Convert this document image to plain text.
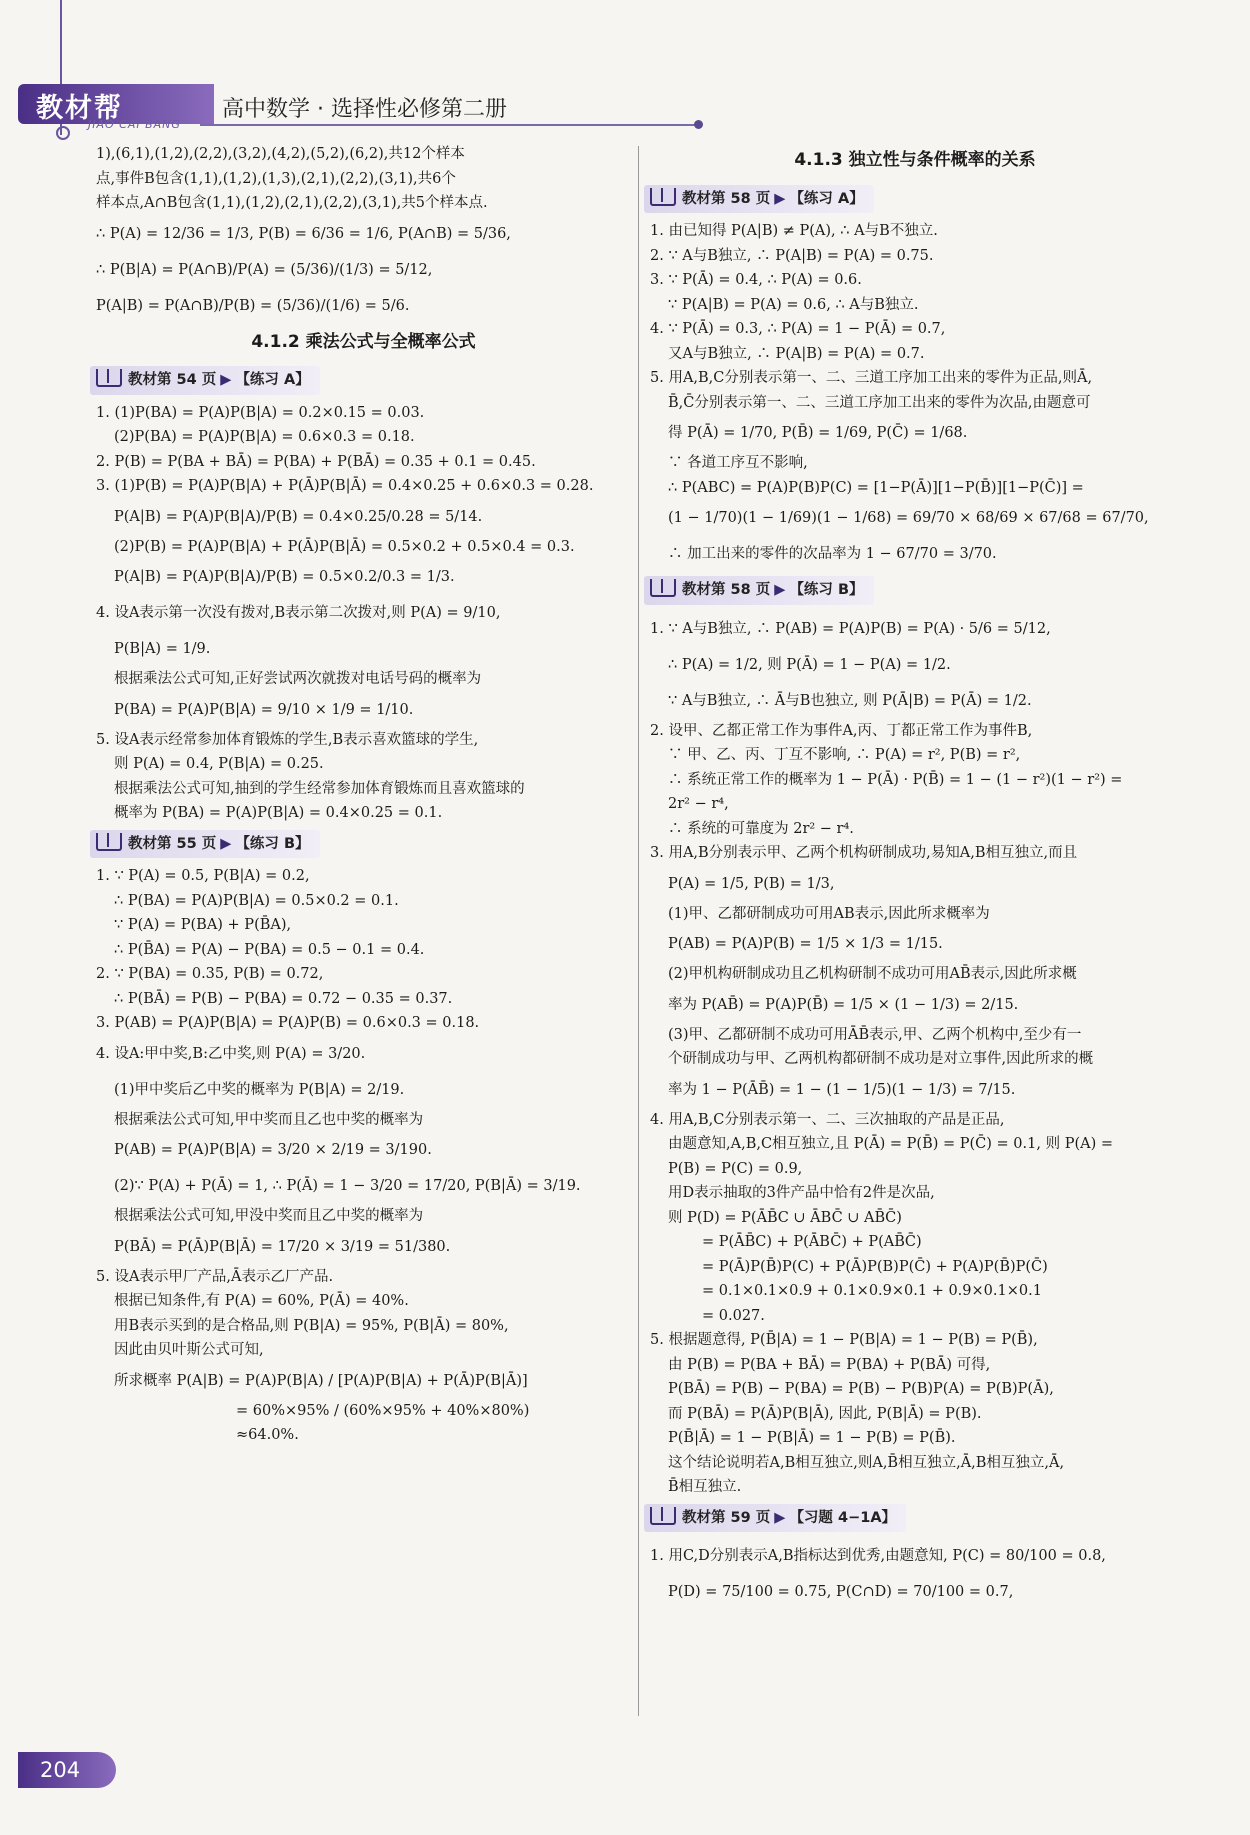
教材帮
JIAO CAI BANG
高中数学 · 选择性必修第二册

1),(6,1),(1,2),(2,2),(3,2),(4,2),(5,2),(6,2),共12个样本

点,事件B包含(1,1),(1,2),(1,3),(2,1),(2,2),(3,1),共6个

样本点,A∩B包含(1,1),(1,2),(2,1),(2,2),(3,1),共5个样本点.

∴ P(A) = 12/36 = 1/3, P(B) = 6/36 = 1/6, P(A∩B) = 5/36,

∴ P(B|A) = P(A∩B)/P(A) = (5/36)/(1/3) = 5/12,

P(A|B) = P(A∩B)/P(B) = (5/36)/(1/6) = 5/6.

4.1.2 乘法公式与全概率公式
教材第 54 页 ▶ 【练习 A】

1. (1)P(BA) = P(A)P(B|A) = 0.2×0.15 = 0.03.

(2)P(BA) = P(A)P(B|A) = 0.6×0.3 = 0.18.

2. P(B) = P(BA + BĀ) = P(BA) + P(BĀ) = 0.35 + 0.1 = 0.45.

3. (1)P(B) = P(A)P(B|A) + P(Ā)P(B|Ā) = 0.4×0.25 + 0.6×0.3 = 0.28.

P(A|B) = P(A)P(B|A)/P(B) = 0.4×0.25/0.28 = 5/14.

(2)P(B) = P(A)P(B|A) + P(Ā)P(B|Ā) = 0.5×0.2 + 0.5×0.4 = 0.3.

P(A|B) = P(A)P(B|A)/P(B) = 0.5×0.2/0.3 = 1/3.

4. 设A表示第一次没有拨对,B表示第二次拨对,则 P(A) = 9/10,

P(B|A) = 1/9.

根据乘法公式可知,正好尝试两次就拨对电话号码的概率为

P(BA) = P(A)P(B|A) = 9/10 × 1/9 = 1/10.

5. 设A表示经常参加体育锻炼的学生,B表示喜欢篮球的学生,

则 P(A) = 0.4, P(B|A) = 0.25.

根据乘法公式可知,抽到的学生经常参加体育锻炼而且喜欢篮球的

概率为 P(BA) = P(A)P(B|A) = 0.4×0.25 = 0.1.

教材第 55 页 ▶ 【练习 B】

1. ∵ P(A) = 0.5, P(B|A) = 0.2,

∴ P(BA) = P(A)P(B|A) = 0.5×0.2 = 0.1.

∵ P(A) = P(BA) + P(B̄A),

∴ P(B̄A) = P(A) − P(BA) = 0.5 − 0.1 = 0.4.

2. ∵ P(BA) = 0.35, P(B) = 0.72,

∴ P(BĀ) = P(B) − P(BA) = 0.72 − 0.35 = 0.37.

3. P(AB) = P(A)P(B|A) = P(A)P(B) = 0.6×0.3 = 0.18.

4. 设A:甲中奖,B:乙中奖,则 P(A) = 3/20.

(1)甲中奖后乙中奖的概率为 P(B|A) = 2/19.

根据乘法公式可知,甲中奖而且乙也中奖的概率为

P(AB) = P(A)P(B|A) = 3/20 × 2/19 = 3/190.

(2)∵ P(A) + P(Ā) = 1, ∴ P(Ā) = 1 − 3/20 = 17/20, P(B|Ā) = 3/19.

根据乘法公式可知,甲没中奖而且乙中奖的概率为

P(BĀ) = P(Ā)P(B|Ā) = 17/20 × 3/19 = 51/380.

5. 设A表示甲厂产品,Ā表示乙厂产品.

根据已知条件,有 P(A) = 60%, P(Ā) = 40%.

用B表示买到的是合格品,则 P(B|A) = 95%, P(B|Ā) = 80%,

因此由贝叶斯公式可知,

所求概率 P(A|B) = P(A)P(B|A) / [P(A)P(B|A) + P(Ā)P(B|Ā)]

= 60%×95% / (60%×95% + 40%×80%)

≈64.0%.

4.1.3 独立性与条件概率的关系
教材第 58 页 ▶ 【练习 A】

1. 由已知得 P(A|B) ≠ P(A), ∴ A与B不独立.

2. ∵ A与B独立, ∴ P(A|B) = P(A) = 0.75.

3. ∵ P(Ā) = 0.4, ∴ P(A) = 0.6.

∵ P(A|B) = P(A) = 0.6, ∴ A与B独立.

4. ∵ P(Ā) = 0.3, ∴ P(A) = 1 − P(Ā) = 0.7,

又A与B独立, ∴ P(A|B) = P(A) = 0.7.

5. 用A,B,C分别表示第一、二、三道工序加工出来的零件为正品,则Ā,

B̄,C̄分别表示第一、二、三道工序加工出来的零件为次品,由题意可

得 P(Ā) = 1/70, P(B̄) = 1/69, P(C̄) = 1/68.

∵ 各道工序互不影响,

∴ P(ABC) = P(A)P(B)P(C) = [1−P(Ā)][1−P(B̄)][1−P(C̄)] =

(1 − 1/70)(1 − 1/69)(1 − 1/68) = 69/70 × 68/69 × 67/68 = 67/70,

∴ 加工出来的零件的次品率为 1 − 67/70 = 3/70.

教材第 58 页 ▶ 【练习 B】

1. ∵ A与B独立, ∴ P(AB) = P(A)P(B) = P(A) · 5/6 = 5/12,

∴ P(A) = 1/2, 则 P(Ā) = 1 − P(A) = 1/2.

∵ A与B独立, ∴ Ā与B也独立, 则 P(Ā|B) = P(Ā) = 1/2.

2. 设甲、乙都正常工作为事件A,丙、丁都正常工作为事件B,

∵ 甲、乙、丙、丁互不影响, ∴ P(A) = r², P(B) = r²,

∴ 系统正常工作的概率为 1 − P(Ā) · P(B̄) = 1 − (1 − r²)(1 − r²) =

2r² − r⁴,

∴ 系统的可靠度为 2r² − r⁴.

3. 用A,B分别表示甲、乙两个机构研制成功,易知A,B相互独立,而且

P(A) = 1/5, P(B) = 1/3,

(1)甲、乙都研制成功可用AB表示,因此所求概率为

P(AB) = P(A)P(B) = 1/5 × 1/3 = 1/15.

(2)甲机构研制成功且乙机构研制不成功可用AB̄表示,因此所求概

率为 P(AB̄) = P(A)P(B̄) = 1/5 × (1 − 1/3) = 2/15.

(3)甲、乙都研制不成功可用ĀB̄表示,甲、乙两个机构中,至少有一

个研制成功与甲、乙两机构都研制不成功是对立事件,因此所求的概

率为 1 − P(ĀB̄) = 1 − (1 − 1/5)(1 − 1/3) = 7/15.

4. 用A,B,C分别表示第一、二、三次抽取的产品是正品,

由题意知,A,B,C相互独立,且 P(Ā) = P(B̄) = P(C̄) = 0.1, 则 P(A) =

P(B) = P(C) = 0.9,

用D表示抽取的3件产品中恰有2件是次品,

则 P(D) = P(ĀB̄C ∪ ĀBC̄ ∪ AB̄C̄)

= P(ĀB̄C) + P(ĀBC̄) + P(AB̄C̄)

= P(Ā)P(B̄)P(C) + P(Ā)P(B)P(C̄) + P(A)P(B̄)P(C̄)

= 0.1×0.1×0.9 + 0.1×0.9×0.1 + 0.9×0.1×0.1

= 0.027.

5. 根据题意得, P(B̄|A) = 1 − P(B|A) = 1 − P(B) = P(B̄),

由 P(B) = P(BA + BĀ) = P(BA) + P(BĀ) 可得,

P(BĀ) = P(B) − P(BA) = P(B) − P(B)P(A) = P(B)P(Ā),

而 P(BĀ) = P(Ā)P(B|Ā), 因此, P(B|Ā) = P(B).

P(B̄|Ā) = 1 − P(B|Ā) = 1 − P(B) = P(B̄).

这个结论说明若A,B相互独立,则A,B̄相互独立,Ā,B相互独立,Ā,

B̄相互独立.

教材第 59 页 ▶ 【习题 4−1A】

1. 用C,D分别表示A,B指标达到优秀,由题意知, P(C) = 80/100 = 0.8,

P(D) = 75/100 = 0.75, P(C∩D) = 70/100 = 0.7,

204
